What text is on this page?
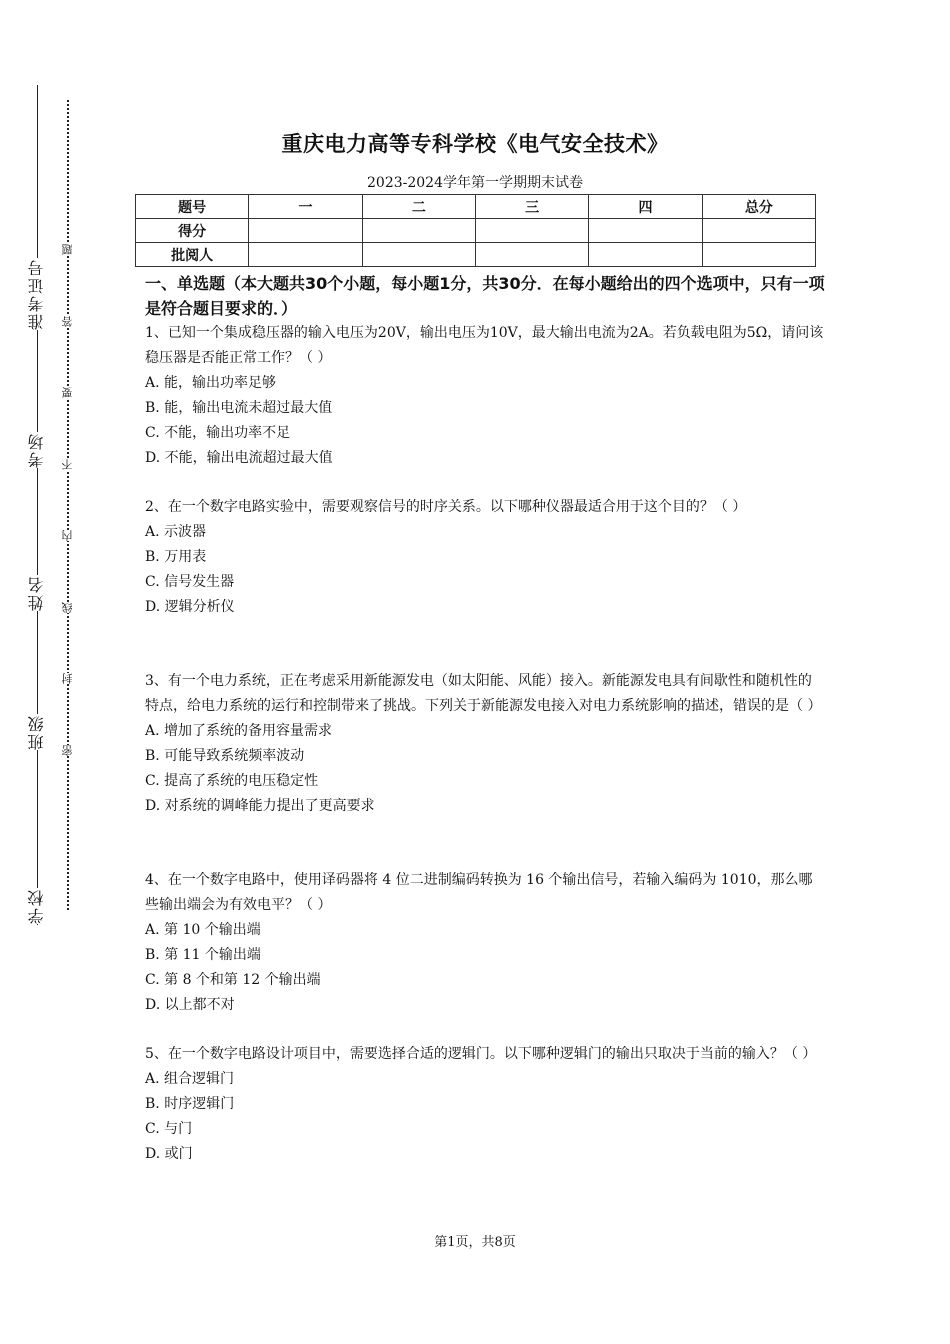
准考证号
考场
姓名
班级
学校
题
答
要
不
内
线
封
密
重庆电力高等专科学校《电气安全技术》
2023-2024学年第一学期期末试卷
题号	一	二	三	四	总分
得分					
批阅人					
一、单选题（本大题共30个小题，每小题1分，共30分．在每小题给出的四个选项中，只有一项是符合题目要求的．）

1、已知一个集成稳压器的输入电压为20V，输出电压为10V，最大输出电流为2A。若负载电阻为5Ω，请问该稳压器是否能正常工作？（ ）

A. 能，输出功率足够

B. 能，输出电流未超过最大值

C. 不能，输出功率不足

D. 不能，输出电流超过最大值

2、在一个数字电路实验中，需要观察信号的时序关系。以下哪种仪器最适合用于这个目的？（ ）

A. 示波器

B. 万用表

C. 信号发生器

D. 逻辑分析仪

3、有一个电力系统，正在考虑采用新能源发电（如太阳能、风能）接入。新能源发电具有间歇性和随机性的特点，给电力系统的运行和控制带来了挑战。下列关于新能源发电接入对电力系统影响的描述，错误的是（ ）

A. 增加了系统的备用容量需求

B. 可能导致系统频率波动

C. 提高了系统的电压稳定性

D. 对系统的调峰能力提出了更高要求

4、在一个数字电路中，使用译码器将 4 位二进制编码转换为 16 个输出信号，若输入编码为 1010，那么哪些输出端会为有效电平？（ ）

A. 第 10 个输出端

B. 第 11 个输出端

C. 第 8 个和第 12 个输出端

D. 以上都不对

5、在一个数字电路设计项目中，需要选择合适的逻辑门。以下哪种逻辑门的输出只取决于当前的输入？（ ）

A. 组合逻辑门

B. 时序逻辑门

C. 与门

D. 或门

第1页，共8页
